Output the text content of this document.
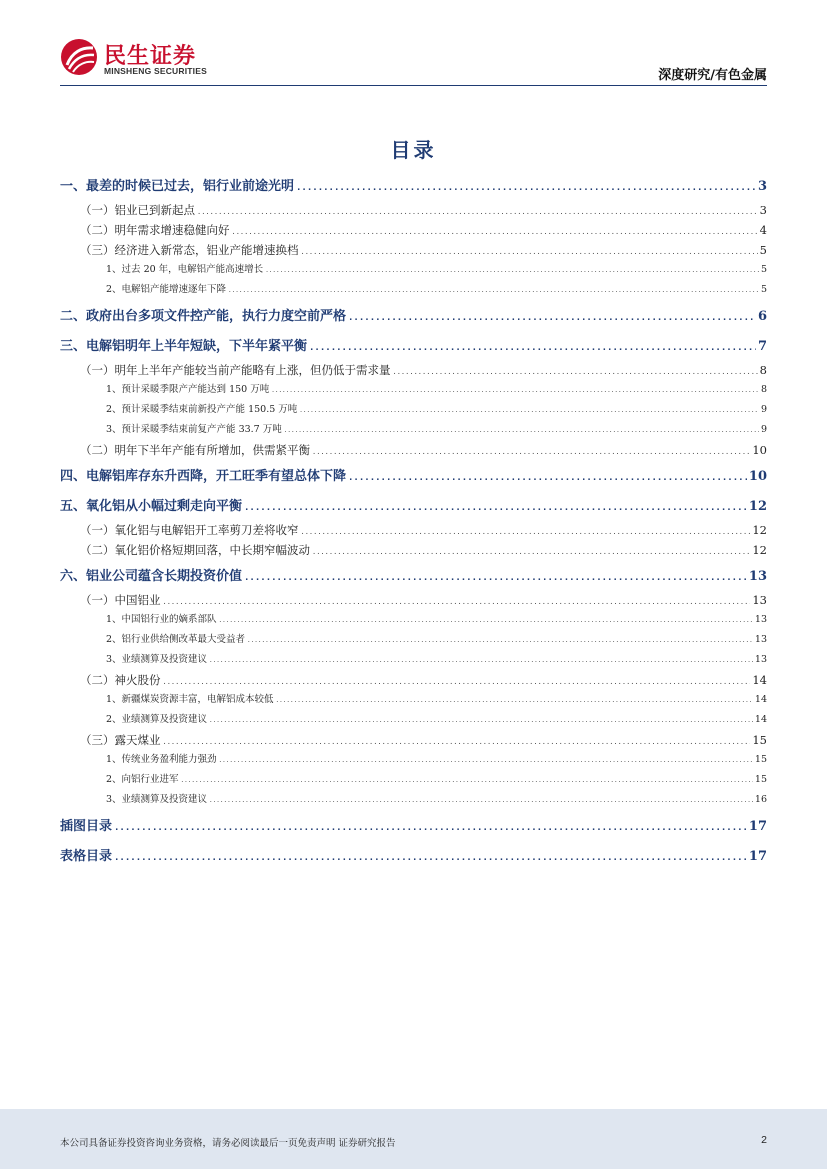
民生证券
MINSHENG SECURITIES	深度研究/有色金属
目录
一、最差的时候已过去，铝行业前途光明 .....	3
（一）铝业已到新起点 .....	3
（二）明年需求增速稳健向好 .....	4
（三）经济进入新常态，铝业产能增速换档 .....	5
1、过去 20 年，电解铝产能高速增长 .....	5
2、电解铝产能增速逐年下降 .....	5
二、政府出台多项文件控产能，执行力度空前严格 .....	6
三、电解铝明年上半年短缺，下半年紧平衡 .....	7
（一）明年上半年产能较当前产能略有上涨，但仍低于需求量 .....	8
1、预计采暖季限产产能达到 150 万吨 .....	8
2、预计采暖季结束前新投产产能 150.5 万吨 .....	9
3、预计采暖季结束前复产产能 33.7 万吨 .....	9
（二）明年下半年产能有所增加，供需紧平衡 .....	10
四、电解铝库存东升西降，开工旺季有望总体下降 .....	10
五、氧化铝从小幅过剩走向平衡 .....	12
（一）氧化铝与电解铝开工率剪刀差将收窄 .....	12
（二）氧化铝价格短期回落，中长期窄幅波动 .....	12
六、铝业公司蕴含长期投资价值 .....	13
（一）中国铝业 .....	13
1、中国铝行业的嫡系部队 .....	13
2、铝行业供给侧改革最大受益者 .....	13
3、业绩测算及投资建议 .....	13
（二）神火股份 .....	14
1、新疆煤炭资源丰富，电解铝成本较低 .....	14
2、业绩测算及投资建议 .....	14
（三）露天煤业 .....	15
1、传统业务盈利能力强劲 .....	15
2、向铝行业进军 .....	15
3、业绩测算及投资建议 .....	16
插图目录 .....	17
表格目录 .....	17
本公司具备证券投资咨询业务资格，请务必阅读最后一页免责声明 证券研究报告	2
